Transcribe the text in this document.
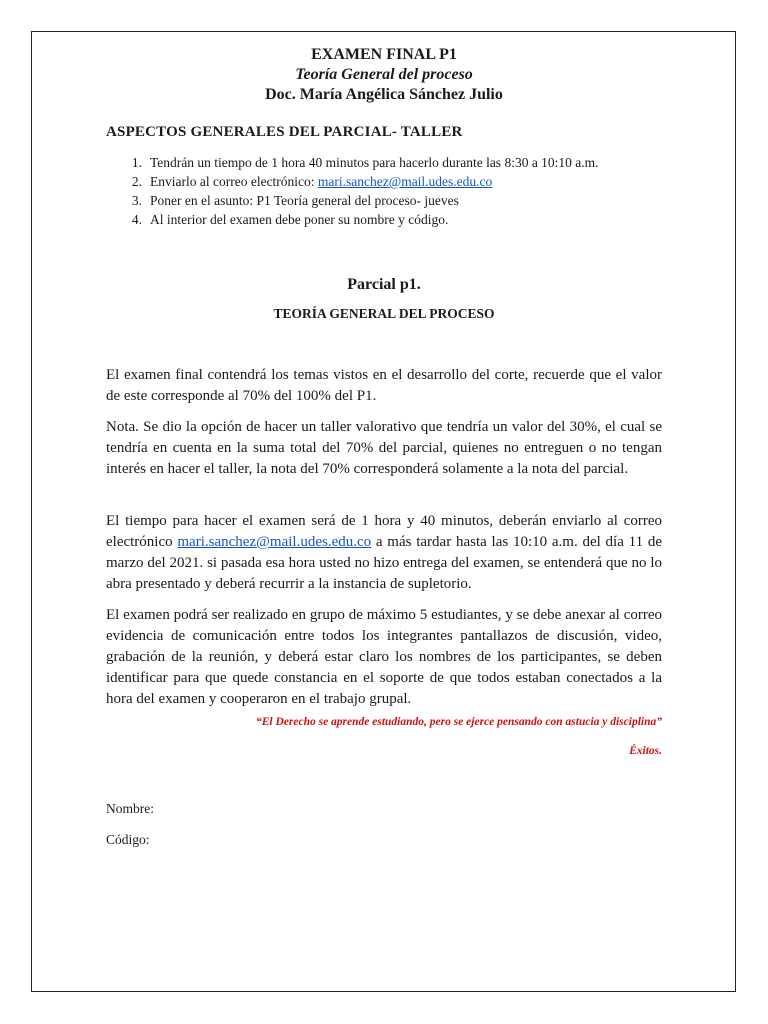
EXAMEN FINAL P1
Teoría General del proceso
Doc. María Angélica Sánchez Julio
ASPECTOS GENERALES DEL PARCIAL- TALLER
1. Tendrán un tiempo de 1 hora 40 minutos para hacerlo durante las 8:30 a 10:10 a.m.
2. Enviarlo al correo electrónico: mari.sanchez@mail.udes.edu.co
3. Poner en el asunto: P1 Teoría general del proceso- jueves
4. Al interior del examen debe poner su nombre y código.
Parcial p1.
TEORÍA GENERAL DEL PROCESO

El examen final contendrá los temas vistos en el desarrollo del corte, recuerde que el valor de este corresponde al 70% del 100% del P1.

Nota. Se dio la opción de hacer un taller valorativo que tendría un valor del 30%, el cual se tendría en cuenta en la suma total del 70% del parcial, quienes no entreguen o no tengan interés en hacer el taller, la nota del 70% corresponderá solamente a la nota del parcial.

El tiempo para hacer el examen será de 1 hora y 40 minutos, deberán enviarlo al correo electrónico mari.sanchez@mail.udes.edu.co a más tardar hasta las 10:10 a.m. del día 11 de marzo del 2021. si pasada esa hora usted no hizo entrega del examen, se entenderá que no lo abra presentado y deberá recurrir a la instancia de supletorio.

El examen podrá ser realizado en grupo de máximo 5 estudiantes, y se debe anexar al correo evidencia de comunicación entre todos los integrantes pantallazos de discusión, video, grabación de la reunión, y deberá estar claro los nombres de los participantes, se deben identificar para que quede constancia en el soporte de que todos estaban conectados a la hora del examen y cooperaron en el trabajo grupal.

“El Derecho se aprende estudiando, pero se ejerce pensando con astucia y disciplina”
Éxitos.
Nombre:
Código:
